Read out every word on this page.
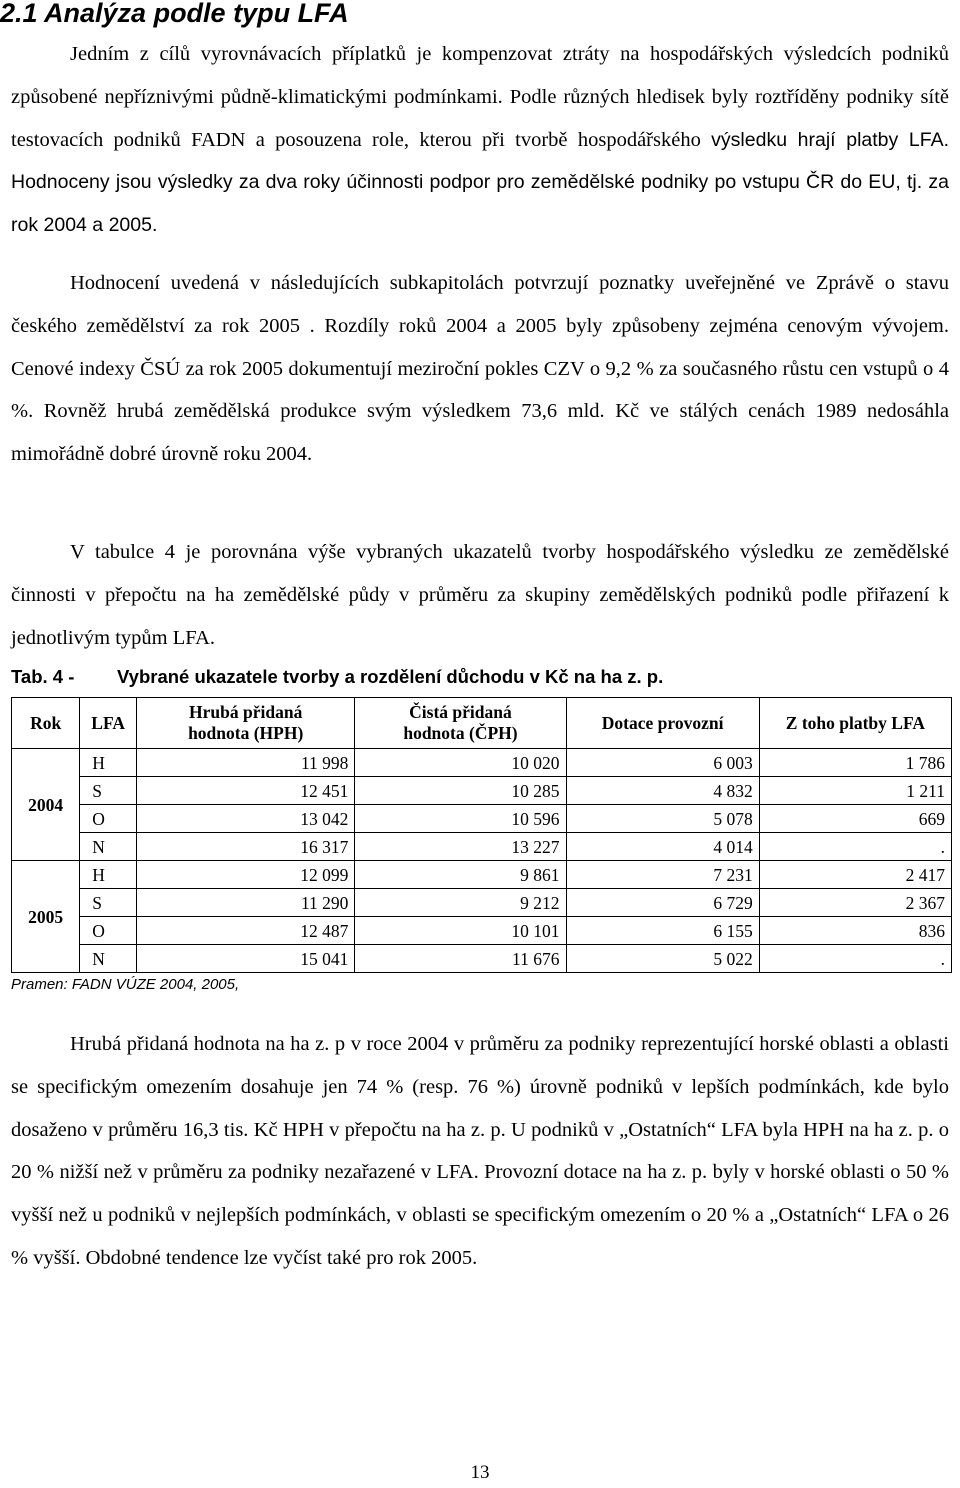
2.1 Analýza podle typu LFA

Jedním z cílů vyrovnávacích příplatků je kompenzovat ztráty na hospodářských výsledcích podniků způsobené nepříznivými půdně-klimatickými podmínkami. Podle různých hledisek byly roztříděny podniky sítě testovacích podniků FADN a posouzena role, kterou při tvorbě hospodářského výsledku hrají platby LFA. Hodnoceny jsou výsledky za dva roky účinnosti podpor pro zemědělské podniky po vstupu ČR do EU, tj. za rok 2004 a 2005.

Hodnocení uvedená v následujících subkapitolách potvrzují poznatky uveřejněné ve Zprávě o stavu českého zemědělství za rok 2005 . Rozdíly roků 2004 a 2005 byly způsobeny zejména cenovým vývojem. Cenové indexy ČSÚ za rok 2005 dokumentují meziroční pokles CZV o 9,2 % za současného růstu cen vstupů o 4 %. Rovněž hrubá zemědělská produkce svým výsledkem 73,6 mld. Kč ve stálých cenách 1989 nedosáhla mimořádně dobré úrovně roku 2004.

V tabulce 4 je porovnána výše vybraných ukazatelů tvorby hospodářského výsledku ze zemědělské činnosti v přepočtu na ha zemědělské půdy v průměru za skupiny zemědělských podniků podle přiřazení k jednotlivým typům LFA.

Tab. 4 - Vybrané ukazatele tvorby a rozdělení důchodu v Kč na ha z. p.
Rok	LFA	Hrubá přidaná
hodnota (HPH)	Čistá přidaná
hodnota (ČPH)	Dotace provozní	Z toho platby LFA
2004	H	11 998	10 020	6 003	1 786
	S	12 451	10 285	4 832	1 211
	O	13 042	10 596	5 078	669
	N	16 317	13 227	4 014	.
2005	H	12 099	9 861	7 231	2 417
	S	11 290	9 212	6 729	2 367
	O	12 487	10 101	6 155	836
	N	15 041	11 676	5 022	.

Pramen: FADN VÚZE 2004, 2005,

Hrubá přidaná hodnota na ha z. p v roce 2004 v průměru za podniky reprezentující horské oblasti a oblasti se specifickým omezením dosahuje jen 74 % (resp. 76 %) úrovně podniků v lepších podmínkách, kde bylo dosaženo v průměru 16,3 tis. Kč HPH v přepočtu na ha z. p. U podniků v „Ostatních“ LFA byla HPH na ha z. p. o 20 % nižší než v průměru za podniky nezařazené v LFA. Provozní dotace na ha z. p. byly v horské oblasti o 50 % vyšší než u podniků v nejlepších podmínkách, v oblasti se specifickým omezením o 20 % a „Ostatních“ LFA o 26 % vyšší. Obdobné tendence lze vyčíst také pro rok 2005.

13
